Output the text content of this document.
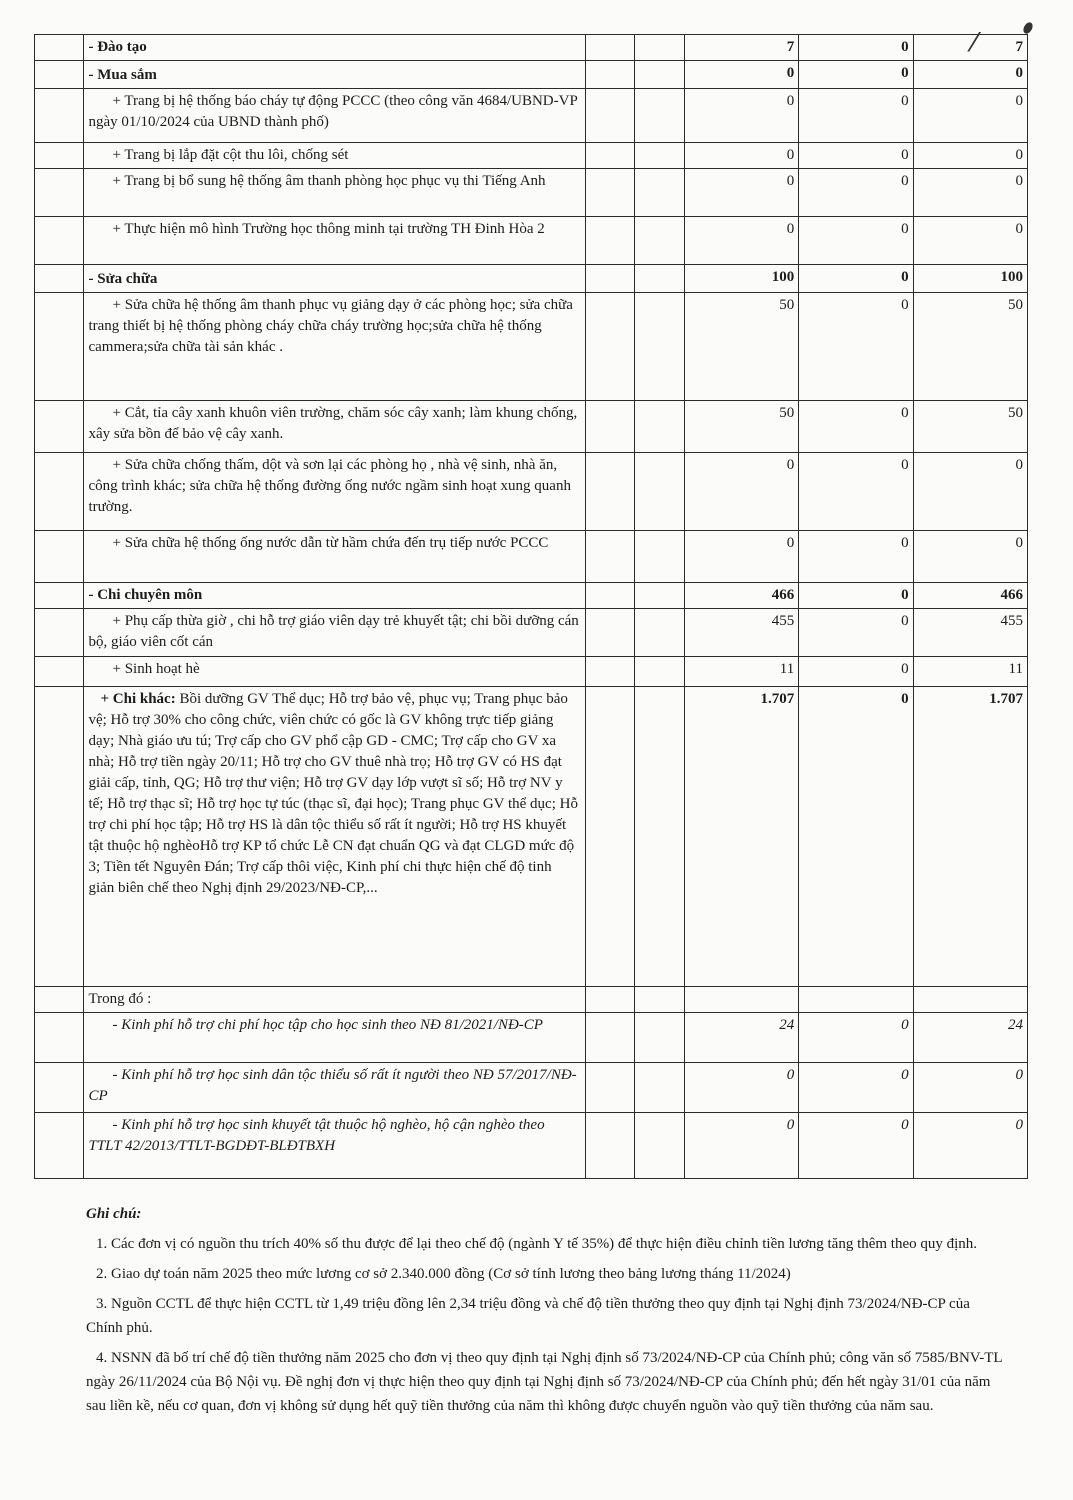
	- Đào tạo			7	0	7
	- Mua sắm			0	0	0
	+ Trang bị hệ thống báo cháy tự động PCCC (theo công văn 4684/UBND-VP ngày 01/10/2024 của UBND thành phố)			0	0	0
	+ Trang bị lắp đặt cột thu lôi, chống sét			0	0	0
	+ Trang bị bổ sung hệ thống âm thanh phòng học phục vụ thi Tiếng Anh			0	0	0
	+ Thực hiện mô hình Trường học thông minh tại trường TH Đinh Hòa 2			0	0	0
	- Sửa chữa			100	0	100
	+ Sửa chữa hệ thống âm thanh phục vụ giảng dạy ở các phòng học; sửa chữa trang thiết bị hệ thống phòng cháy chữa cháy trường học;sửa chữa hệ thống cammera;sửa chữa tài sản khác .			50	0	50
	+ Cắt, tỉa cây xanh khuôn viên trường, chăm sóc cây xanh; làm khung chống, xây sửa bồn để bảo vệ cây xanh.			50	0	50
	+ Sửa chữa chống thấm, dột và sơn lại các phòng họ , nhà vệ sinh, nhà ăn, công trình khác; sửa chữa hệ thống đường ống nước ngầm sinh hoạt xung quanh trường.			0	0	0
	+ Sửa chữa hệ thống ống nước dẫn từ hầm chứa đến trụ tiếp nước PCCC			0	0	0
	- Chi chuyên môn			466	0	466
	+ Phụ cấp thừa giờ , chi hỗ trợ giáo viên dạy trẻ khuyết tật; chi bồi dưỡng cán bộ, giáo viên cốt cán			455	0	455
	+ Sinh hoạt hè			11	0	11
	+ Chi khác: Bồi dưỡng GV Thể dục; Hỗ trợ bảo vệ, phục vụ; Trang phục bảo vệ; Hỗ trợ 30% cho công chức, viên chức có gốc là GV không trực tiếp giảng dạy; Nhà giáo ưu tú; Trợ cấp cho GV phổ cập GD - CMC; Trợ cấp cho GV xa nhà; Hỗ trợ tiền ngày 20/11; Hỗ trợ cho GV thuê nhà trọ; Hỗ trợ GV có HS đạt giải cấp, tỉnh, QG; Hỗ trợ thư viện; Hỗ trợ GV dạy lớp vượt sĩ số; Hỗ trợ NV y tế; Hỗ trợ thạc sĩ; Hỗ trợ học tự túc (thạc sĩ, đại học); Trang phục GV thể dục; Hỗ trợ chi phí học tập; Hỗ trợ HS là dân tộc thiểu số rất ít người; Hỗ trợ HS khuyết tật thuộc hộ nghèoHỗ trợ KP tổ chức Lễ CN đạt chuẩn QG và đạt CLGD mức độ 3; Tiền tết Nguyên Đán; Trợ cấp thôi việc, Kinh phí chi thực hiện chế độ tinh giản biên chế theo Nghị định 29/2023/NĐ-CP,...			1.707	0	1.707
	Trong đó :					
	- Kinh phí hỗ trợ chi phí học tập cho học sinh theo NĐ 81/2021/NĐ-CP			24	0	24
	- Kinh phí hỗ trợ học sinh dân tộc thiểu số rất ít người theo NĐ 57/2017/NĐ-CP			0	0	0
	- Kinh phí hỗ trợ học sinh khuyết tật thuộc hộ nghèo, hộ cận nghèo theo TTLT 42/2013/TTLT-BGDĐT-BLĐTBXH			0	0	0
⁄
Ghi chú:

1. Các đơn vị có nguồn thu trích 40% số thu được để lại theo chế độ (ngành Y tế 35%) để thực hiện điều chỉnh tiền lương tăng thêm theo quy định.

2. Giao dự toán năm 2025 theo mức lương cơ sở 2.340.000 đồng (Cơ sở tính lương theo bảng lương tháng 11/2024)

3. Nguồn CCTL để thực hiện CCTL từ 1,49 triệu đồng lên 2,34 triệu đồng và chế độ tiền thưởng theo quy định tại Nghị định 73/2024/NĐ-CP của Chính phủ.

4. NSNN đã bố trí chế độ tiền thưởng năm 2025 cho đơn vị theo quy định tại Nghị định số 73/2024/NĐ-CP của Chính phủ; công văn số 7585/BNV-TL ngày 26/11/2024 của Bộ Nội vụ. Đề nghị đơn vị thực hiện theo quy định tại Nghị định số 73/2024/NĐ-CP của Chính phủ; đến hết ngày 31/01 của năm sau liền kề, nếu cơ quan, đơn vị không sử dụng hết quỹ tiền thưởng của năm thì không được chuyển nguồn vào quỹ tiền thưởng của năm sau.
